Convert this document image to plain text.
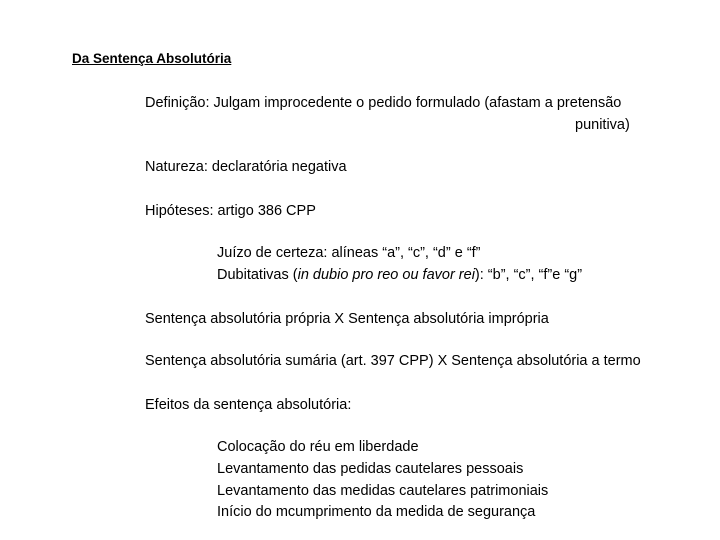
Da Sentença Absolutória
Definição: Julgam improcedente o pedido formulado (afastam a pretensão
punitiva)
Natureza: declaratória negativa
Hipóteses: artigo 386 CPP
Juízo de certeza: alíneas “a”, “c”, “d” e “f”
Dubitativas (in dubio pro reo ou favor rei): “b”, “c”, “f”e “g”
Sentença absolutória própria X Sentença absolutória imprópria
Sentença absolutória sumária (art. 397 CPP) X Sentença absolutória a termo
Efeitos da sentença absolutória:
Colocação do réu em liberdade
Levantamento das pedidas cautelares pessoais
Levantamento das medidas cautelares patrimoniais
Início do mcumprimento da medida de segurança
